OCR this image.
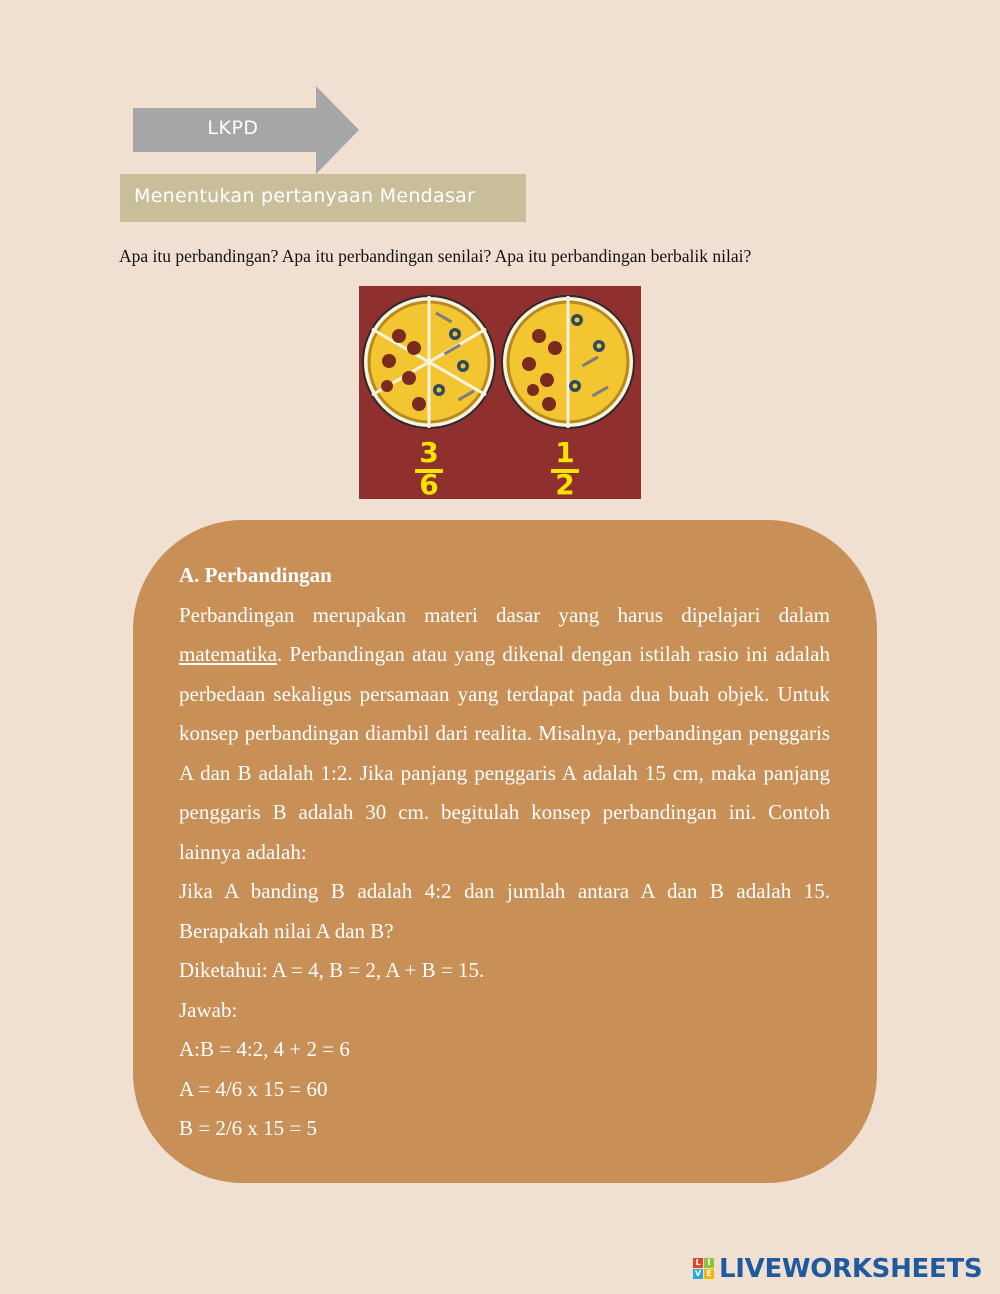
LKPD
Menentukan pertanyaan Mendasar
Apa itu perbandingan? Apa itu perbandingan senilai? Apa itu perbandingan berbalik nilai?
3
6
1
2

A. Perbandingan

Perbandingan merupakan materi dasar yang harus dipelajari dalam matematika. Perbandingan atau yang dikenal dengan istilah rasio ini adalah perbedaan sekaligus persamaan yang terdapat pada dua buah objek. Untuk konsep perbandingan diambil dari realita. Misalnya, perbandingan penggaris A dan B adalah 1:2. Jika panjang penggaris A adalah 15 cm, maka panjang penggaris B adalah 30 cm. begitulah konsep perbandingan ini. Contoh lainnya adalah:

Jika A banding B adalah 4:2 dan jumlah antara A dan B adalah 15. Berapakah nilai A dan B?

Diketahui: A = 4, B = 2, A + B = 15.

Jawab:

A:B = 4:2, 4 + 2 = 6

A = 4/6 x 15 = 60

B = 2/6 x 15 = 5

L I
V E LIVEWORKSHEETS
